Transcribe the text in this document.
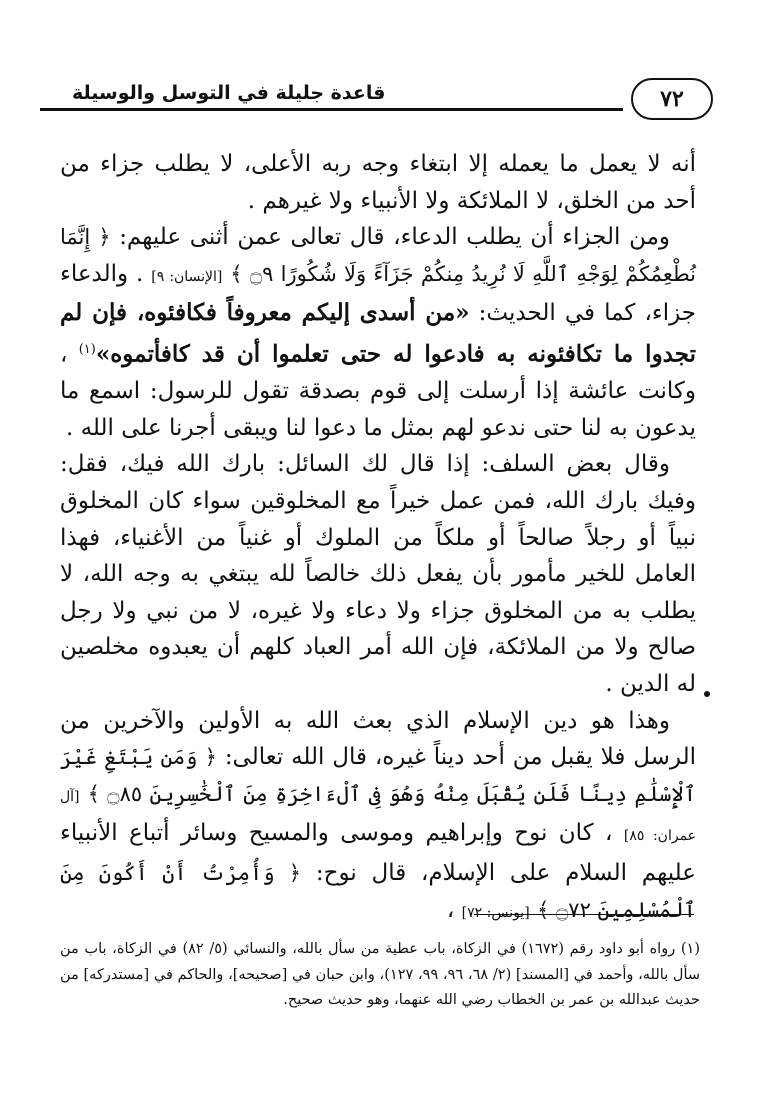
قاعدة جليلة في التوسل والوسيلة	٧٢

أنه لا يعمل ما يعمله إلا ابتغاء وجه ربه الأعلى، لا يطلب جزاء من أحد من الخلق، لا الملائكة ولا الأنبياء ولا غيرهم .

ومن الجزاء أن يطلب الدعاء، قال تعالى عمن أثنى عليهم: ﴿ إِنَّمَا نُطْعِمُكُمْ لِوَجْهِ ٱللَّهِ لَا نُرِيدُ مِنكُمْ جَزَآءً وَلَا شُكُورًا ۝٩ ﴾ [الإنسان: ٩] . والدعاء جزاء، كما في الحديث: «من أسدى إليكم معروفاً فكافئوه، فإن لم تجدوا ما تكافئونه به فادعوا له حتى تعلموا أن قد كافأتموه»$^{(١)}$ ، وكانت عائشة إذا أرسلت إلى قوم بصدقة تقول للرسول: اسمع ما يدعون به لنا حتى ندعو لهم بمثل ما دعوا لنا ويبقى أجرنا على الله .

وقال بعض السلف: إذا قال لك السائل: بارك الله فيك، فقل: وفيك بارك الله، فمن عمل خيراً مع المخلوقين سواء كان المخلوق نبياً أو رجلاً صالحاً أو ملكاً من الملوك أو غنياً من الأغنياء، فهذا العامل للخير مأمور بأن يفعل ذلك خالصاً لله يبتغي به وجه الله، لا يطلب به من المخلوق جزاء ولا دعاء ولا غيره، لا من نبي ولا رجل صالح ولا من الملائكة، فإن الله أمر العباد كلهم أن يعبدوه مخلصين له الدين .

وهذا هو دين الإسلام الذي بعث الله به الأولين والآخرين من الرسل فلا يقبل من أحد ديناً غيره، قال الله تعالى: ﴿ وَمَن يَبْتَغِ غَيْرَ ٱلْإِسْلَٰمِ دِينًا فَلَن يُقْبَلَ مِنْهُ وَهُوَ فِى ٱلْءَاخِرَةِ مِنَ ٱلْخَٰسِرِينَ ۝٨٥ ﴾ [آل عمران: ٨٥] ، كان نوح وإبراهيم وموسى والمسيح وسائر أتباع الأنبياء عليهم السلام على الإسلام، قال نوح: ﴿ وَأُمِرْتُ أَنْ أَكُونَ مِنَ ٱلْمُسْلِمِينَ ۝٧٢ ﴾ [يونس: ٧٢] ،

(١) رواه أبو داود رقم (١٦٧٢) في الزكاة، باب عطية من سأل بالله، والنسائي (٥/ ٨٢) في الزكاة، باب من سأل بالله، وأحمد في [المسند] (٢/ ٦٨، ٩٦، ٩٩، ١٢٧)، وابن حبان في [صحيحه]، والحاكم في [مستدركه] من حديث عبدالله بن عمر بن الخطاب رضي الله عنهما، وهو حديث صحيح.
